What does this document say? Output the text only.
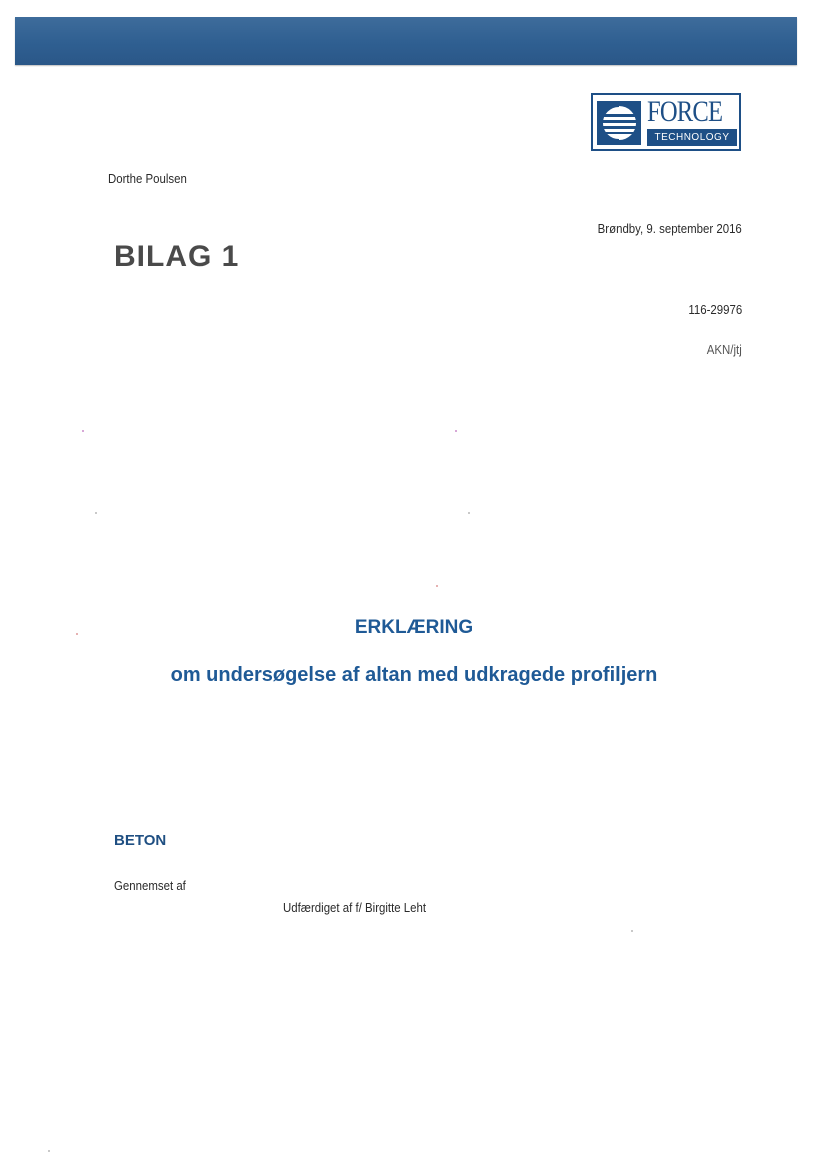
FORCE
TECHNOLOGY
Dorthe Poulsen
Brøndby, 9. september 2016
BILAG 1
116-29976
AKN/jtj
ERKLÆRING
om undersøgelse af altan med udkragede profiljern
BETON
Gennemset af
Udfærdiget af f/ Birgitte Leht
